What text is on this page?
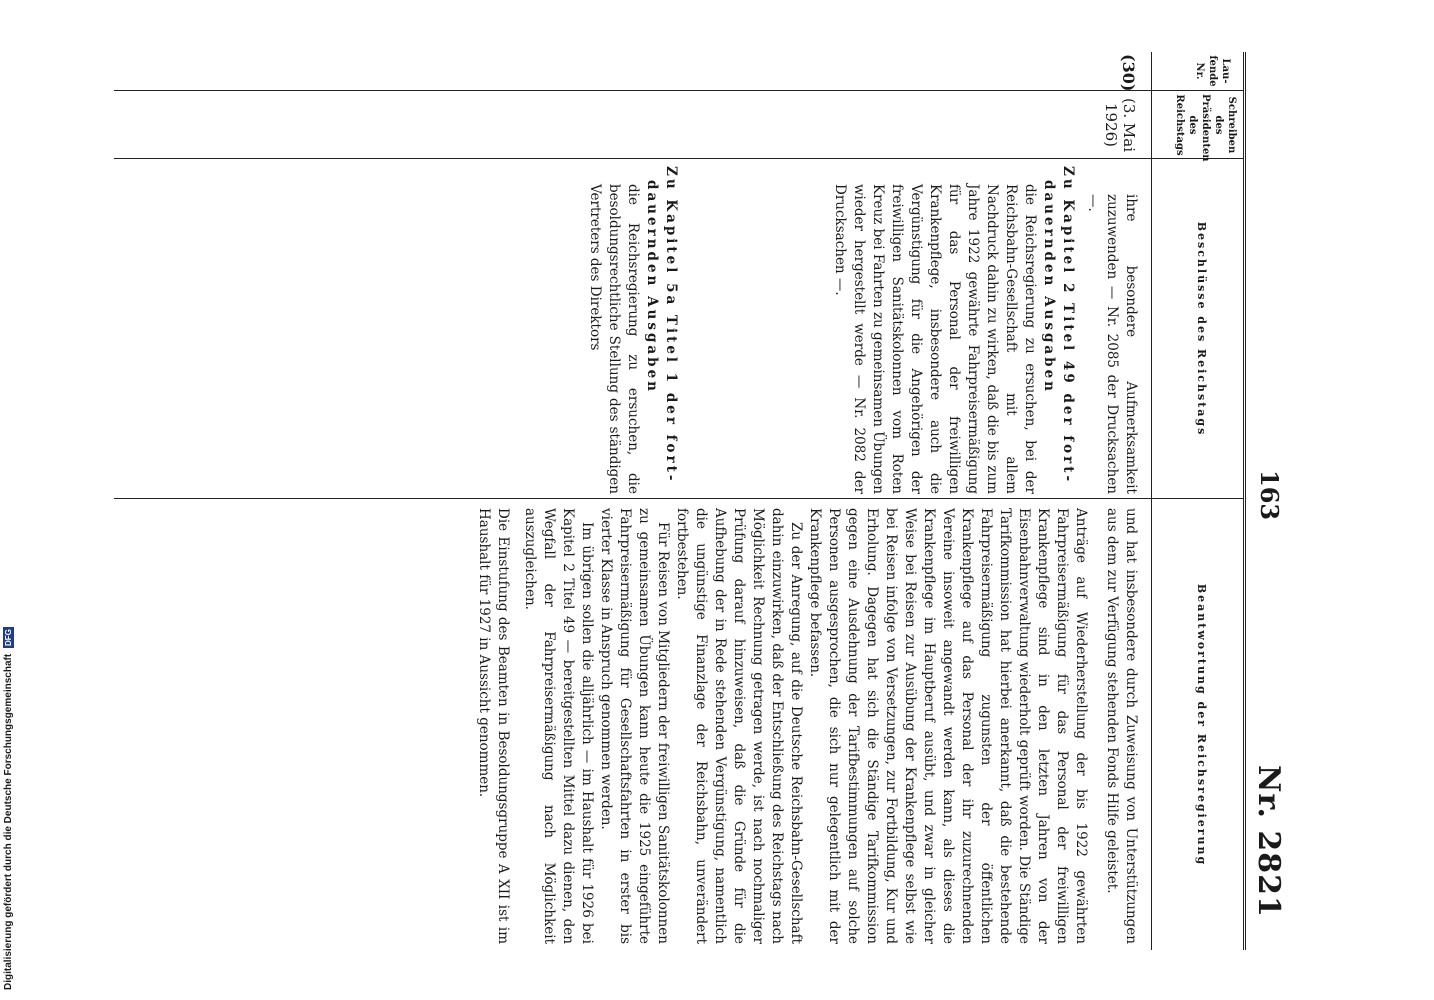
Digitalisierung gefördert durch die Deutsche Forschungsgemeinschaft DFG
163
Nr. 2821
Lau- fende Nr.
Schreiben des Präsidenten des Reichstags
Beschlüsse des Reichstags
Beantwortung der Reichsregierung
(30)
(3. Mai 1926)

ihre besondere Aufmerksamkeit zuzuwenden — Nr. 2085 der Drucksachen —.

Zu Kapitel 2 Titel 49 der fort-
dauernden Ausgaben

die Reichsregierung zu ersuchen, bei der Reichsbahn-Gesellschaft mit allem Nachdruck dahin zu wirken, daß die bis zum Jahre 1922 gewährte Fahrpreisermäßigung für das Personal der freiwilligen Krankenpflege, insbesondere auch die Vergünstigung für die Angehörigen der freiwilligen Sanitätskolonnen vom Roten Kreuz bei Fahrten zu gemeinsamen Übungen wieder hergestellt werde — Nr. 2082 der Drucksachen —.

Zu Kapitel 5a Titel 1 der fort-
dauernden Ausgaben

die Reichsregierung zu ersuchen, die besoldungsrechtliche Stellung des ständigen Vertreters des Direktors

und hat insbesondere durch Zuweisung von Unterstützungen aus dem zur Verfügung stehenden Fonds Hilfe geleistet.

Anträge auf Wiederherstellung der bis 1922 gewährten Fahrpreisermäßigung für das Personal der freiwilligen Krankenpflege sind in den letzten Jahren von der Eisenbahnverwaltung wiederholt geprüft worden. Die Ständige Tarifkommission hat hierbei anerkannt, daß die bestehende Fahrpreisermäßigung zugunsten der öffentlichen Krankenpflege auf das Personal der ihr zuzurechnenden Vereine insoweit angewandt werden kann, als dieses die Krankenpflege im Hauptberuf ausübt, und zwar in gleicher Weise bei Reisen zur Ausübung der Krankenpflege selbst wie bei Reisen infolge von Versetzungen, zur Fortbildung, Kur und Erholung. Dagegen hat sich die Ständige Tarifkommission gegen eine Ausdehnung der Tarifbestimmungen auf solche Personen ausgesprochen, die sich nur gelegentlich mit der Krankenpflege befassen.

Zu der Anregung, auf die Deutsche Reichsbahn-Gesellschaft dahin einzuwirken, daß der Entschließung des Reichstags nach Möglichkeit Rechnung getragen werde, ist nach nochmaliger Prüfung darauf hinzuweisen, daß die Gründe für die Aufhebung der in Rede stehenden Vergünstigung, namentlich die ungünstige Finanzlage der Reichsbahn, unverändert fortbestehen.

Für Reisen von Mitgliedern der freiwilligen Sanitätskolonnen zu gemeinsamen Übungen kann heute die 1925 eingeführte Fahrpreisermäßigung für Gesellschaftsfahrten in erster bis vierter Klasse in Anspruch genommen werden.

Im übrigen sollen die alljährlich — im Haushalt für 1926 bei Kapitel 2 Titel 49 — bereitgestellten Mittel dazu dienen, den Wegfall der Fahrpreisermäßigung nach Möglichkeit auszugleichen.

Die Einstufung des Beamten in Besoldungsgruppe A XII ist im Haushalt für 1927 in Aussicht genommen.
